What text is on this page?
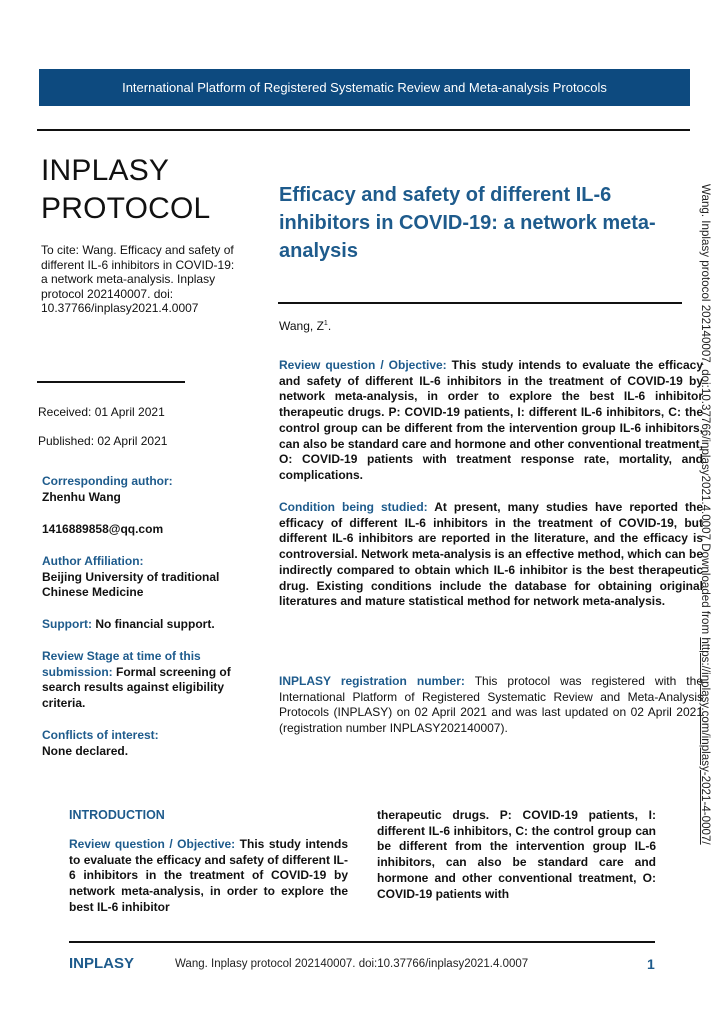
International Platform of Registered Systematic Review and Meta-analysis Protocols
INPLASY
PROTOCOL
To cite: Wang. Efficacy and safety of different IL-6 inhibitors in COVID-19: a network meta-analysis. Inplasy protocol 202140007. doi: 10.37766/inplasy2021.4.0007
Received: 01 April 2021
Published: 02 April 2021
Corresponding author:
Zhenhu Wang
1416889858@qq.com
Author Affiliation:
Beijing University of traditional Chinese Medicine
Support: No financial support.
Review Stage at time of this submission: Formal screening of search results against eligibility criteria.
Conflicts of interest:
None declared.
Efficacy and safety of different IL-6 inhibitors in COVID-19: a network meta-analysis
Wang, $Z^1$.
Review question / Objective: This study intends to evaluate the efficacy and safety of different IL-6 inhibitors in the treatment of COVID-19 by network meta-analysis, in order to explore the best IL-6 inhibitor therapeutic drugs. P: COVID-19 patients, I: different IL-6 inhibitors, C: the control group can be different from the intervention group IL-6 inhibitors, can also be standard care and hormone and other conventional treatment, O: COVID-19 patients with treatment response rate, mortality, and complications.
Condition being studied: At present, many studies have reported the efficacy of different IL-6 inhibitors in the treatment of COVID-19, but different IL-6 inhibitors are reported in the literature, and the efficacy is controversial. Network meta-analysis is an effective method, which can be indirectly compared to obtain which IL-6 inhibitor is the best therapeutic drug. Existing conditions include the database for obtaining original literatures and mature statistical method for network meta-analysis.
INPLASY registration number: This protocol was registered with the International Platform of Registered Systematic Review and Meta-Analysis Protocols (INPLASY) on 02 April 2021 and was last updated on 02 April 2021 (registration number INPLASY202140007).
Wang. Inplasy protocol 202140007. doi:10.37766/inplasy2021.4.0007 Downloaded from https://inplasy.com/inplasy-2021-4-0007/
INTRODUCTION
Review question / Objective: This study intends to evaluate the efficacy and safety of different IL-6 inhibitors in the treatment of COVID-19 by network meta-analysis, in order to explore the best IL-6 inhibitor
therapeutic drugs. P: COVID-19 patients, I: different IL-6 inhibitors, C: the control group can be different from the intervention group IL-6 inhibitors, can also be standard care and hormone and other conventional treatment, O: COVID-19 patients with
INPLASY	Wang. Inplasy protocol 202140007. doi:10.37766/inplasy2021.4.0007	1
